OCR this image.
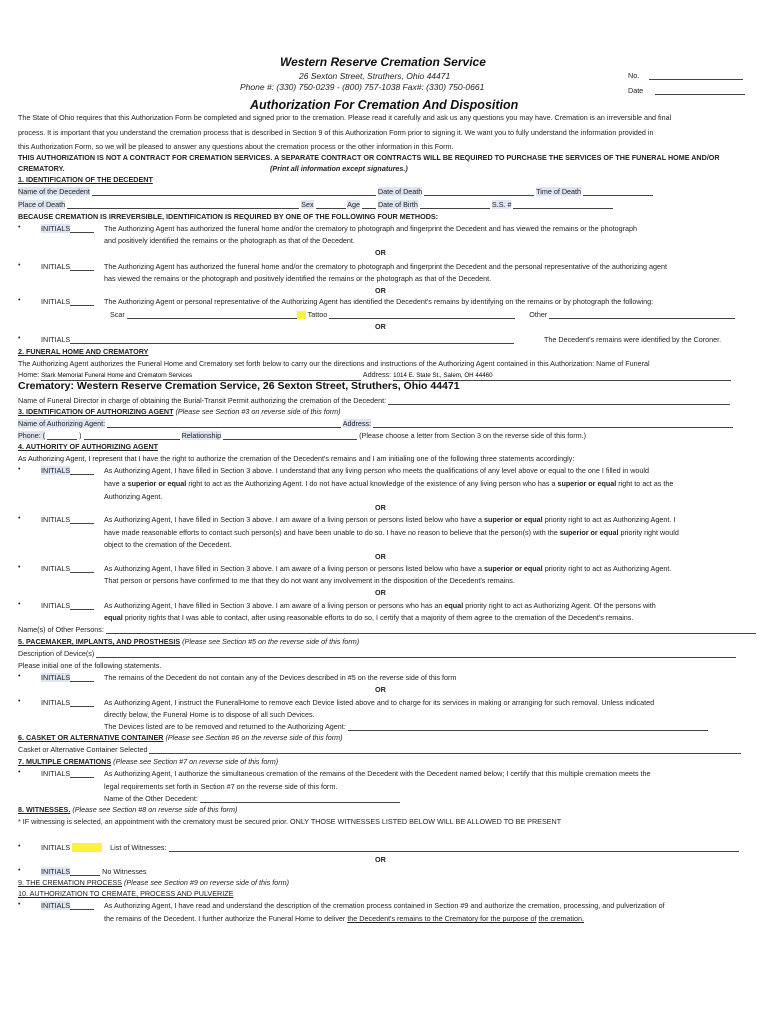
Western Reserve Cremation Service
26 Sexton Street, Struthers, Ohio 44471
Phone #: (330) 750-0239 - (800) 757-1038 Fax#: (330) 750-0661
No.
Date
Authorization For Cremation And Disposition
The State of Ohio requires that this Authorization Form be completed and signed prior to the cremation. Please read it carefully and ask us any questions you may have. Cremation is an irreversible and final
process. It is important that you understand the cremation process that is described in Section 9 of this Authorization Form prior to signing it. We want you to fully understand the information provided in
this Authorization Form, so we will be pleased to answer any questions about the cremation process or the other information in this Form.
THIS AUTHORIZATION IS NOT A CONTRACT FOR CREMATION SERVICES. A SEPARATE CONTRACT OR CONTRACTS WILL BE REQUIRED TO PURCHASE THE SERVICES OF THE FUNERAL HOME AND/OR
CREMATORY.	(Print all information except signatures.)
1. IDENTIFICATION OF THE DECEDENT
Name of the Decedent	Date of Death	Time of Death
Place of Death	Sex	Age	Date of Birth	S.S. #
BECAUSE CREMATION IS IRREVERSIBLE, IDENTIFICATION IS REQUIRED BY ONE OF THE FOLLOWING FOUR METHODS:
•	INITIALS	The Authorizing Agent has authorized the funeral home and/or the crematory to photograph and fingerprint the Decedent and has viewed the remains or the photograph
and positively identified the remains or the photograph as that of the Decedent.
OR
•	INITIALS	The Authorizing Agent has authorized the funeral home and/or the crematory to photograph and fingerprint the Decedent and the personal representative of the authorizing agent
has viewed the remains or the photograph and positively identified the remains or the photograph as that of the Decedent.
OR
•	INITIALS	The Authorizing Agent or personal representative of the Authorizing Agent has identified the Decedent's remains by identifying on the remains or by photograph the following:
Scar	Tattoo	Other
OR
•	INITIALS	The Decedent's remains were identified by the Coroner.
2. FUNERAL HOME AND CREMATORY
The Authorizing Agent authorizes the Funeral Home and Crematory set forth below to carry our the directions and instructions of the Authorizing Agent contained in this Authorization: Name of Funeral
Home: Stark Memorial Funeral Home and Crematorn Services	Address: 1014 E. State St., Salem, OH 44460
Crematory: Western Reserve Cremation Service, 26 Sexton Street, Struthers, Ohio 44471
Name of Funeral Director in charge of obtaining the Burial-Transit Permit authorizing the cremation of the Decedent:
3. IDENTIFICATION OF AUTHORIZING AGENT (Please see Section #3 on reverse side of this form)
Name of Authorizing Agent:	Address:
Phone: (	)	Relationship	(Please choose a letter from Section 3 on the reverse side of this form.)
4. AUTHORITY OF AUTHORIZING AGENT
As Authorizing Agent, I represent that I have the right to authorize the cremation of the Decedent's remains and I am initialing one of the following three statements accordingly:
•	INITIALS	As Authorizing Agent, I have filled in Section 3 above. I understand that any living person who meets the qualifications of any level above or equal to the one I filled in would
have a superior or equal right to act as the Authorizing Agent. I do not have actual knowledge of the existence of any living person who has a superior or equal right to act as the
Authorizing Agent.
OR
•	INITIALS	As Authorizing Agent, I have filled in Section 3 above. I am aware of a living person or persons listed below who have a superior or equal priority right to act as Authorizing Agent. I
have made reasonable efforts to contact such person(s) and have been unable to do so. I have no reason to believe that the person(s) with the superior or equal priority right would
object to the cremation of the Decedent.
OR
•	INITIALS	As Authorizing Agent, I have filled in Section 3 above. I am aware of a living person or persons listed below who have a superior or equal priority right to act as Authorizing Agent.
That person or persons have confirmed to me that they do not want any involvement in the disposition of the Decedent's remains.
OR
•	INITIALS	As Authorizing Agent, I have filled in Section 3 above. I am aware of a living person or persons who has an equal priority right to act as Authorizing Agent. Of the persons with
equal priority rights that I was able to contact, after using reasonable efforts to do so, I certify that a majority of them agree to the cremation of the Decedent's remains.
Name(s) of Other Persons:
5. PACEMAKER, IMPLANTS, AND PROSTHESIS (Please see Section #5 on the reverse side of this form)
Description of Device(s)
Please initial one of the following statements.
•	INITIALS	The remains of the Decedent do not contain any of the Devices described in #5 on the reverse side of this form
OR
•	INITIALS	As Authorizing Agent, I instruct the FuneralHome to remove each Device listed above and to charge for its services in making or arranging for such removal. Unless indicated
directly below, the Funeral Home is to dispose of all such Devices.
The Devices listed are to be removed and returned to the Authorizing Agent:
6. CASKET OR ALTERNATIVE CONTAINER (Please see Section #6 on the reverse side of this form)
Casket or Alternative Container Selected
7. MULTIPLE CREMATIONS (Please see Section #7 on reverse side of this form)
•	INITIALS	As Authorizing Agent, I authorize the simultaneous cremation of the remains of the Decedent with the Decedent named below; I certify that this multiple cremation meets the
legal requirements set forth in Section #7 on the reverse side of this form.
Name of the Other Decedent:
8. WITNESSES. (Please see Section #8 on reverse side of this form)
* IF witnessing is selected, an appointment with the crematory must be secured prior. ONLY THOSE WITNESSES LISTED BELOW WILL BE ALLOWED TO BE PRESENT
•	INITIALS	List of Witnesses:
OR
•	INITIALS	No Witnesses
9. THE CREMATION PROCESS (Please see Section #9 on reverse side of this form)
10. AUTHORIZATION TO CREMATE, PROCESS AND PULVERIZE
•	INITIALS	As Authorizing Agent, I have read and understand the description of the cremation process contained in Section #9 and authorize the cremation, processing, and pulverization of
the remains of the Decedent. I further authorize the Funeral Home to deliver the Decedent's remains to the Crematory for the purpose of the cremation.
